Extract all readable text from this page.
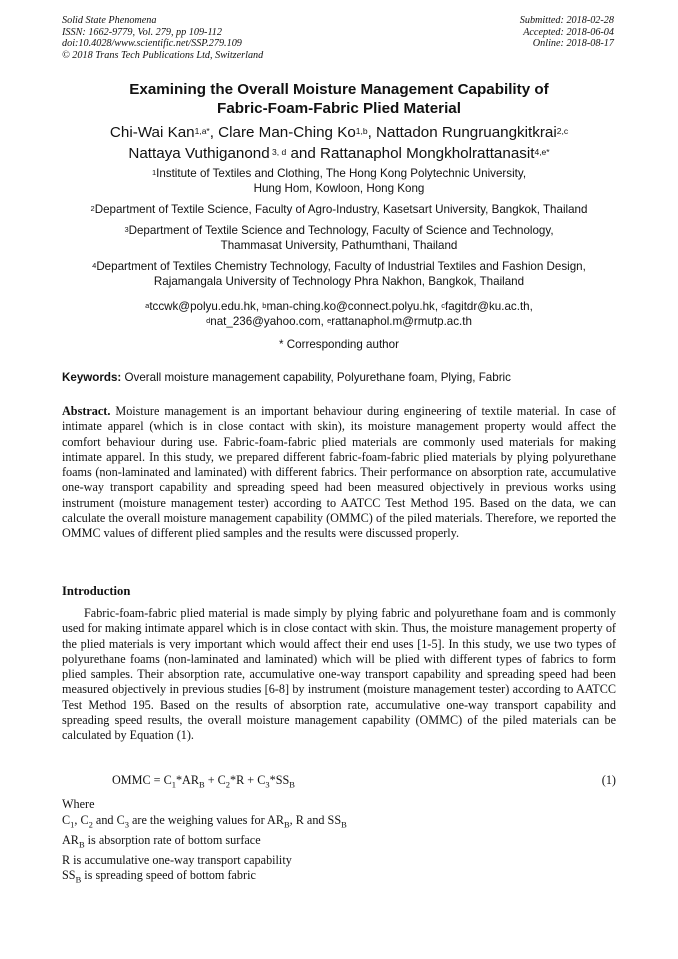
Solid State Phenomena
ISSN: 1662-9779, Vol. 279, pp 109-112
doi:10.4028/www.scientific.net/SSP.279.109
© 2018 Trans Tech Publications Ltd, Switzerland
Submitted: 2018-02-28
Accepted: 2018-06-04
Online: 2018-08-17
Examining the Overall Moisture Management Capability of
Fabric-Foam-Fabric Plied Material
Chi-Wai Kan$^{1,a*}$, Clare Man-Ching Ko$^{1,b}$, Nattadon Rungruangkitkrai$^{2,c}$
Nattaya Vuthiganond $^{3, d}$ and Rattanaphol Mongkholrattanasit$^{4,e*}$
$^1$Institute of Textiles and Clothing, The Hong Kong Polytechnic University,
Hung Hom, Kowloon, Hong Kong
$^2$Department of Textile Science, Faculty of Agro-Industry, Kasetsart University, Bangkok, Thailand
$^3$Department of Textile Science and Technology, Faculty of Science and Technology,
Thammasat University, Pathumthani, Thailand
$^4$Department of Textiles Chemistry Technology, Faculty of Industrial Textiles and Fashion Design,
Rajamangala University of Technology Phra Nakhon, Bangkok, Thailand
$^a$tccwk@polyu.edu.hk, $^b$man-ching.ko@connect.polyu.hk, $^c$fagitdr@ku.ac.th,
$^d$nat_236@yahoo.com, $^e$rattanaphol.m@rmutp.ac.th
* Corresponding author
Keywords: Overall moisture management capability, Polyurethane foam, Plying, Fabric
Abstract. Moisture management is an important behaviour during engineering of textile material. In case of intimate apparel (which is in close contact with skin), its moisture management property would affect the comfort behaviour during use. Fabric-foam-fabric plied materials are commonly used materials for making intimate apparel. In this study, we prepared different fabric-foam-fabric plied materials by plying polyurethane foams (non-laminated and laminated) with different fabrics. Their performance on absorption rate, accumulative one-way transport capability and spreading speed had been measured objectively in previous works using instrument (moisture management tester) according to AATCC Test Method 195. Based on the data, we can calculate the overall moisture management capability (OMMC) of the piled materials. Therefore, we reported the OMMC values of different plied samples and the results were discussed properly.
Introduction
Fabric-foam-fabric plied material is made simply by plying fabric and polyurethane foam and is commonly used for making intimate apparel which is in close contact with skin. Thus, the moisture management property of the plied materials is very important which would affect their end uses [1-5]. In this study, we use two types of polyurethane foams (non-laminated and laminated) which will be plied with different types of fabrics to form plied samples. Their absorption rate, accumulative one-way transport capability and spreading speed had been measured objectively in previous studies [6-8] by instrument (moisture management tester) according to AATCC Test Method 195. Based on the results of absorption rate, accumulative one-way transport capability and spreading speed results, the overall moisture management capability (OMMC) of the piled materials can be calculated by Equation (1).
OMMC = $C_1*AR_B + C_2*R + C_3*SS_B$	(1)
Where
$C_1$, $C_2$ and $C_3$ are the weighing values for $AR_B$, R and $SS_B$
$AR_B$ is absorption rate of bottom surface
R is accumulative one-way transport capability
$SS_B$ is spreading speed of bottom fabric
